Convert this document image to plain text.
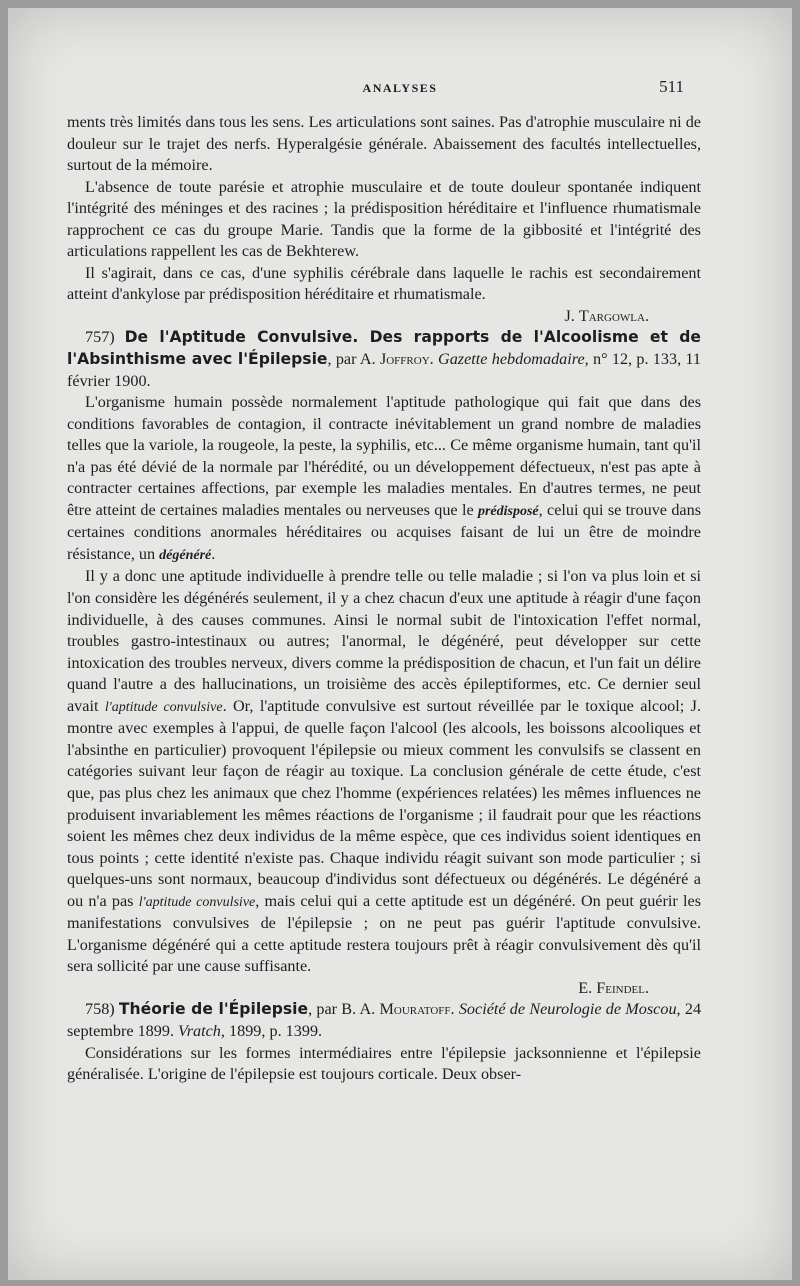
ANALYSES	511

ments très limités dans tous les sens. Les articulations sont saines. Pas d'atrophie musculaire ni de douleur sur le trajet des nerfs. Hyperalgésie générale. Abaissement des facultés intellectuelles, surtout de la mémoire.

L'absence de toute parésie et atrophie musculaire et de toute douleur spontanée indiquent l'intégrité des méninges et des racines ; la prédisposition héréditaire et l'influence rhumatismale rapprochent ce cas du groupe Marie. Tandis que la forme de la gibbosité et l'intégrité des articulations rappellent les cas de Bekhterew.

Il s'agirait, dans ce cas, d'une syphilis cérébrale dans laquelle le rachis est secondairement atteint d'ankylose par prédisposition héréditaire et rhumatismale.

J. Targowla.

757) De l'Aptitude Convulsive. Des rapports de l'Alcoolisme et de l'Absinthisme avec l'Épilepsie, par A. Joffroy. Gazette hebdomadaire, n° 12, p. 133, 11 février 1900.

L'organisme humain possède normalement l'aptitude pathologique qui fait que dans des conditions favorables de contagion, il contracte inévitablement un grand nombre de maladies telles que la variole, la rougeole, la peste, la syphilis, etc... Ce même organisme humain, tant qu'il n'a pas été dévié de la normale par l'hérédité, ou un développement défectueux, n'est pas apte à contracter certaines affections, par exemple les maladies mentales. En d'autres termes, ne peut être atteint de certaines maladies mentales ou nerveuses que le prédisposé, celui qui se trouve dans certaines conditions anormales héréditaires ou acquises faisant de lui un être de moindre résistance, un dégénéré.

Il y a donc une aptitude individuelle à prendre telle ou telle maladie ; si l'on va plus loin et si l'on considère les dégénérés seulement, il y a chez chacun d'eux une aptitude à réagir d'une façon individuelle, à des causes communes. Ainsi le normal subit de l'intoxication l'effet normal, troubles gastro-intestinaux ou autres; l'anormal, le dégénéré, peut développer sur cette intoxication des troubles nerveux, divers comme la prédisposition de chacun, et l'un fait un délire quand l'autre a des hallucinations, un troisième des accès épileptiformes, etc. Ce dernier seul avait l'aptitude convulsive. Or, l'aptitude convulsive est surtout réveillée par le toxique alcool; J. montre avec exemples à l'appui, de quelle façon l'alcool (les alcools, les boissons alcooliques et l'absinthe en particulier) provoquent l'épilepsie ou mieux comment les convulsifs se classent en catégories suivant leur façon de réagir au toxique. La conclusion générale de cette étude, c'est que, pas plus chez les animaux que chez l'homme (expériences relatées) les mêmes influences ne produisent invariablement les mêmes réactions de l'organisme ; il faudrait pour que les réactions soient les mêmes chez deux individus de la même espèce, que ces individus soient identiques en tous points ; cette identité n'existe pas. Chaque individu réagit suivant son mode particulier ; si quelques-uns sont normaux, beaucoup d'individus sont défectueux ou dégénérés. Le dégénéré a ou n'a pas l'aptitude convulsive, mais celui qui a cette aptitude est un dégénéré. On peut guérir les manifestations convulsives de l'épilepsie ; on ne peut pas guérir l'aptitude convulsive. L'organisme dégénéré qui a cette aptitude restera toujours prêt à réagir convulsivement dès qu'il sera sollicité par une cause suffisante.

E. Feindel.

758) Théorie de l'Épilepsie, par B. A. Mouratoff. Société de Neurologie de Moscou, 24 septembre 1899. Vratch, 1899, p. 1399.

Considérations sur les formes intermédiaires entre l'épilepsie jacksonnienne et l'épilepsie généralisée. L'origine de l'épilepsie est toujours corticale. Deux obser-
